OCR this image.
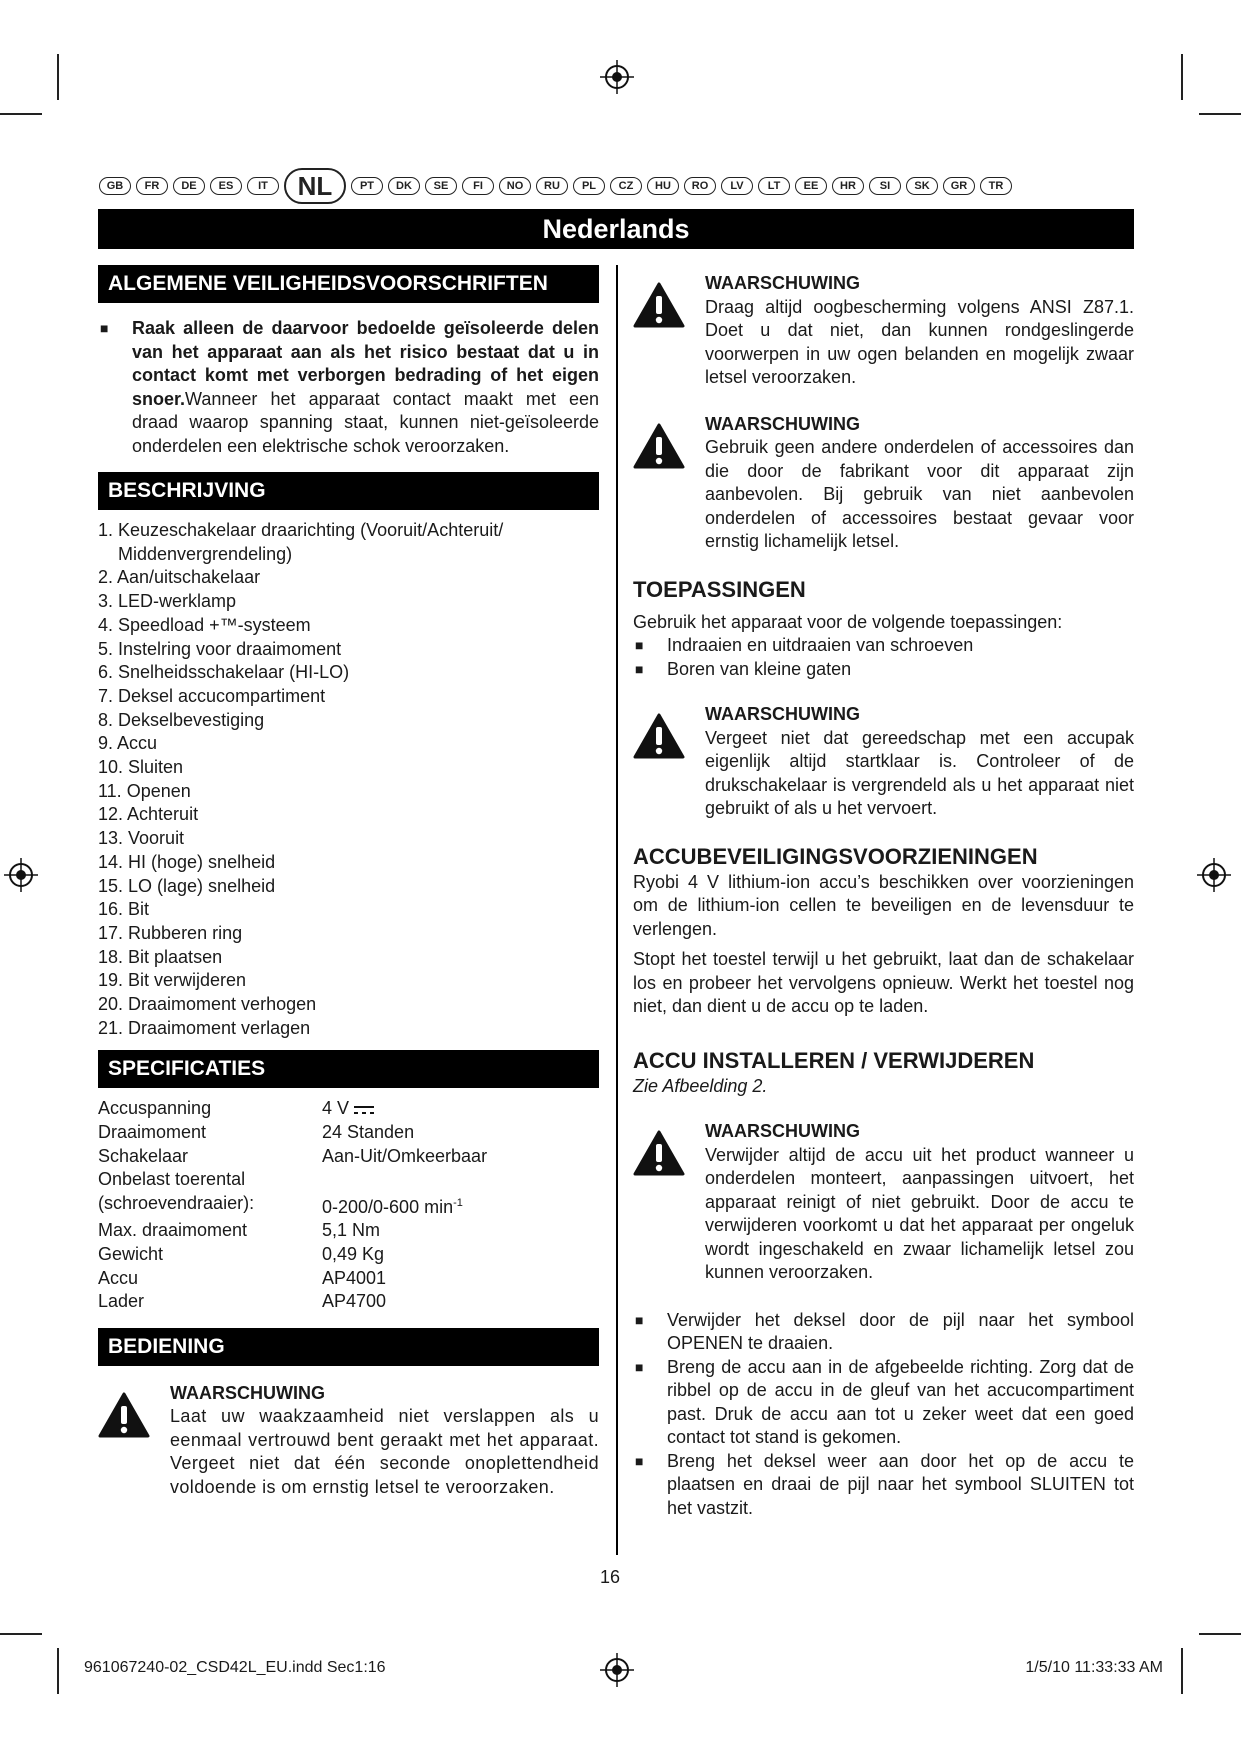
GB	FR	DE	ES	IT	NL	PT	DK	SE	FI	NO	RU	PL	CZ	HU	RO	LV	LT	EE	HR	SI	SK	GR	TR
Nederlands
ALGEMENE VEILIGHEIDSVOORSCHRIFTEN
■	Raak alleen de daarvoor bedoelde geïsoleerde delen van het apparaat aan als het risico bestaat dat u in contact komt met verborgen bedrading of het eigen snoer.Wanneer het apparaat contact maakt met een draad waarop spanning staat, kunnen niet-geïsoleerde onderdelen een elektrische schok veroorzaken.
BESCHRIJVING
1. Keuzeschakelaar draarichting (Vooruit/Achteruit/
Middenvergrendeling)
2. Aan/uitschakelaar
3. LED-werklamp
4. Speedload +™-systeem
5. Instelring voor draaimoment
6. Snelheidsschakelaar (HI-LO)
7. Deksel accucompartiment
8. Dekselbevestiging
9. Accu
10. Sluiten
11. Openen
12. Achteruit
13. Vooruit
14. HI (hoge) snelheid
15. LO (lage) snelheid
16. Bit
17. Rubberen ring
18. Bit plaatsen
19. Bit verwijderen
20. Draaimoment verhogen
21. Draaimoment verlagen
SPECIFICATIES
Accuspanning	4 V
Draaimoment	24 Standen
Schakelaar	Aan-Uit/Omkeerbaar
Onbelast toerental
(schroevendraaier):	0-200/0-600 $\min^{-1}$
Max. draaimoment	5,1 Nm
Gewicht	0,49 Kg
Accu	AP4001
Lader	AP4700
BEDIENING
WAARSCHUWING
Laat uw waakzaamheid niet verslappen als u eenmaal vertrouwd bent geraakt met het apparaat. Vergeet niet dat één seconde onoplettendheid voldoende is om ernstig letsel te veroorzaken.
WAARSCHUWING
Draag altijd oogbescherming volgens ANSI Z87.1. Doet u dat niet, dan kunnen rondgeslingerde voorwerpen in uw ogen belanden en mogelijk zwaar letsel veroorzaken.
WAARSCHUWING
Gebruik geen andere onderdelen of accessoires dan die door de fabrikant voor dit apparaat zijn aanbevolen. Bij gebruik van niet aanbevolen onderdelen of accessoires bestaat gevaar voor ernstig lichamelijk letsel.
TOEPASSINGEN
Gebruik het apparaat voor de volgende toepassingen:
■	Indraaien en uitdraaien van schroeven
■	Boren van kleine gaten
WAARSCHUWING
Vergeet niet dat gereedschap met een accupak eigenlijk altijd startklaar is. Controleer of de drukschakelaar is vergrendeld als u het apparaat niet gebruikt of als u het vervoert.
ACCUBEVEILIGINGSVOORZIENINGEN
Ryobi 4 V lithium-ion accu’s beschikken over voorzieningen om de lithium-ion cellen te beveiligen en de levensduur te verlengen.
Stopt het toestel terwijl u het gebruikt, laat dan de schakelaar los en probeer het vervolgens opnieuw. Werkt het toestel nog niet, dan dient u de accu op te laden.
ACCU INSTALLEREN / VERWIJDEREN
Zie Afbeelding 2.
WAARSCHUWING
Verwijder altijd de accu uit het product wanneer u onderdelen monteert, aanpassingen uitvoert, het apparaat reinigt of niet gebruikt. Door de accu te verwijderen voorkomt u dat het apparaat per ongeluk wordt ingeschakeld en zwaar lichamelijk letsel zou kunnen veroorzaken.
■	Verwijder het deksel door de pijl naar het symbool OPENEN te draaien.
■	Breng de accu aan in de afgebeelde richting. Zorg dat de ribbel op de accu in de gleuf van het accucompartiment past. Druk de accu aan tot u zeker weet dat een goed contact tot stand is gekomen.
■	Breng het deksel weer aan door het op de accu te plaatsen en draai de pijl naar het symbool SLUITEN tot het vastzit.
16
961067240-02_CSD42L_EU.indd Sec1:16	1/5/10 11:33:33 AM
